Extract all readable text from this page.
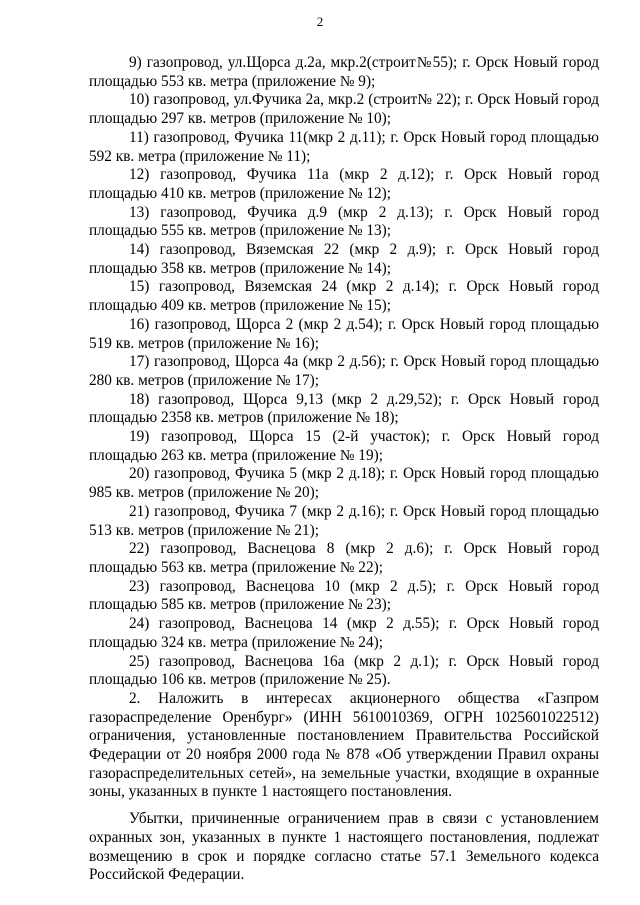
2

9) газопровод, ул.Щорса д.2а, мкр.2(строит№55); г. Орск Новый город площадью 553 кв. метра (приложение № 9);

10) газопровод, ул.Фучика 2а, мкр.2 (строит№ 22); г. Орск Новый город площадью 297 кв. метров (приложение № 10);

11) газопровод, Фучика 11(мкр 2 д.11); г. Орск Новый город площадью 592 кв. метра (приложение № 11);

12) газопровод, Фучика 11а (мкр 2 д.12); г. Орск Новый город площадью 410 кв. метров (приложение № 12);

13) газопровод, Фучика д.9 (мкр 2 д.13); г. Орск Новый город площадью 555 кв. метров (приложение № 13);

14) газопровод, Вяземская 22 (мкр 2 д.9); г. Орск Новый город площадью 358 кв. метров (приложение № 14);

15) газопровод, Вяземская 24 (мкр 2 д.14); г. Орск Новый город площадью 409 кв. метров (приложение № 15);

16) газопровод, Щорса 2 (мкр 2 д.54); г. Орск Новый город площадью 519 кв. метров (приложение № 16);

17) газопровод, Щорса 4а (мкр 2 д.56); г. Орск Новый город площадью 280 кв. метров (приложение № 17);

18) газопровод, Щорса 9,13 (мкр 2 д.29,52); г. Орск Новый город площадью 2358 кв. метров (приложение № 18);

19) газопровод, Щорса 15 (2-й участок); г. Орск Новый город площадью 263 кв. метра (приложение № 19);

20) газопровод, Фучика 5 (мкр 2 д.18); г. Орск Новый город площадью 985 кв. метров (приложение № 20);

21) газопровод, Фучика 7 (мкр 2 д.16); г. Орск Новый город площадью 513 кв. метров (приложение № 21);

22) газопровод, Васнецова 8 (мкр 2 д.6); г. Орск Новый город площадью 563 кв. метра (приложение № 22);

23) газопровод, Васнецова 10 (мкр 2 д.5); г. Орск Новый город площадью 585 кв. метров (приложение № 23);

24) газопровод, Васнецова 14 (мкр 2 д.55); г. Орск Новый город площадью 324 кв. метра (приложение № 24);

25) газопровод, Васнецова 16а (мкр 2 д.1); г. Орск Новый город площадью 106 кв. метров (приложение № 25).

2. Наложить в интересах акционерного общества «Газпром газораспределение Оренбург» (ИНН 5610010369, ОГРН 1025601022512) ограничения, установленные постановлением Правительства Российской Федерации от 20 ноября 2000 года № 878 «Об утверждении Правил охраны газораспределительных сетей», на земельные участки, входящие в охранные зоны, указанных в пункте 1 настоящего постановления.

Убытки, причиненные ограничением прав в связи с установлением охранных зон, указанных в пункте 1 настоящего постановления, подлежат возмещению в срок и порядке согласно статье 57.1 Земельного кодекса Российской Федерации.
